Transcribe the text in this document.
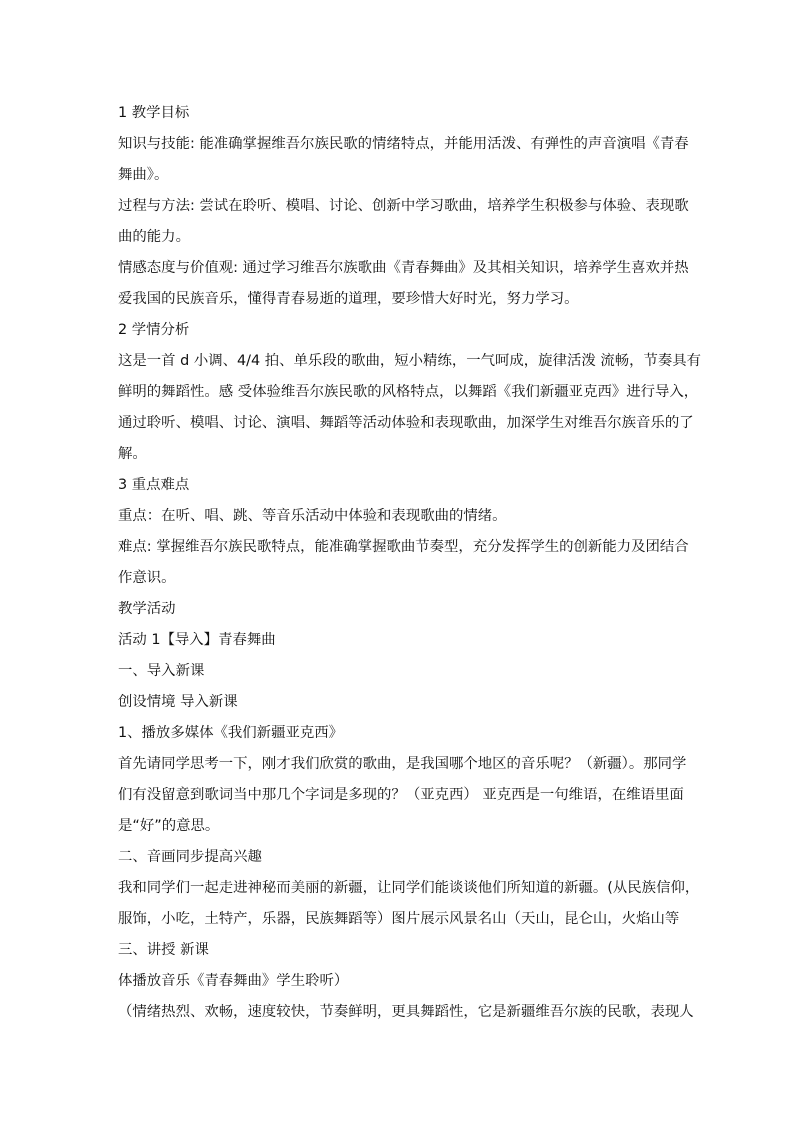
1 教学目标
知识与技能: 能准确掌握维吾尔族民歌的情绪特点，并能用活泼、有弹性的声音演唱《青春
舞曲》。
过程与方法: 尝试在聆听、模唱、讨论、创新中学习歌曲，培养学生积极参与体验、表现歌
曲的能力。
情感态度与价值观: 通过学习维吾尔族歌曲《青春舞曲》及其相关知识，培养学生喜欢并热
爱我国的民族音乐，懂得青春易逝的道理，要珍惜大好时光，努力学习。
2 学情分析
这是一首 d 小调、4/4 拍、单乐段的歌曲，短小精练，一气呵成，旋律活泼 流畅，节奏具有
鲜明的舞蹈性。感 受体验维吾尔族民歌的风格特点，以舞蹈《我们新疆亚克西》进行导入，
通过聆听、模唱、讨论、演唱、舞蹈等活动体验和表现歌曲，加深学生对维吾尔族音乐的了
解。
3 重点难点
重点：在听、唱、跳、等音乐活动中体验和表现歌曲的情绪。
难点: 掌握维吾尔族民歌特点，能准确掌握歌曲节奏型，充分发挥学生的创新能力及团结合
作意识。
教学活动
活动 1【导入】青春舞曲
一、导入新课
创设情境 导入新课
1、播放多媒体《我们新疆亚克西》
首先请同学思考一下，刚才我们欣赏的歌曲，是我国哪个地区的音乐呢？（新疆）。那同学
们有没留意到歌词当中那几个字词是多现的？（亚克西） 亚克西是一句维语，在维语里面
是“好”的意思。
二、音画同步提高兴趣
我和同学们一起走进神秘而美丽的新疆，让同学们能谈谈他们所知道的新疆。(从民族信仰，
服饰，小吃，土特产，乐器，民族舞蹈等）图片展示风景名山（天山，昆仑山，火焰山等
三、讲授 新课
体播放音乐《青春舞曲》学生聆听）
（情绪热烈、欢畅，速度较快，节奏鲜明，更具舞蹈性，它是新疆维吾尔族的民歌，表现人
